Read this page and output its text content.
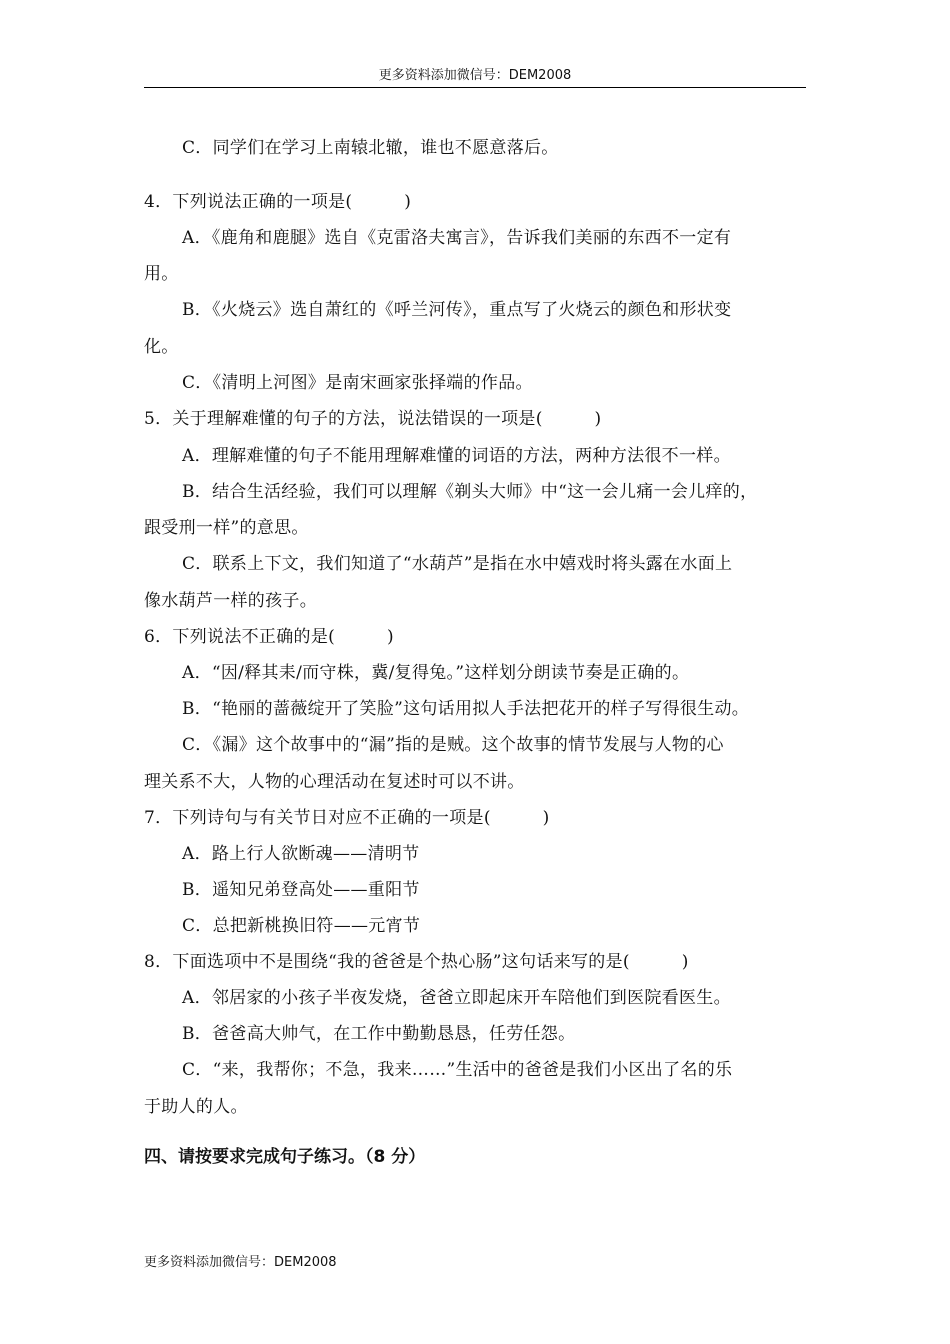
更多资料添加微信号：DEM2008
C．同学们在学习上南辕北辙，谁也不愿意落后。
4．下列说法正确的一项是(　　　)
A．《鹿角和鹿腿》选自《克雷洛夫寓言》，告诉我们美丽的东西不一定有
用。
B．《火烧云》选自萧红的《呼兰河传》，重点写了火烧云的颜色和形状变
化。
C．《清明上河图》是南宋画家张择端的作品。
5．关于理解难懂的句子的方法，说法错误的一项是(　　　)
A．理解难懂的句子不能用理解难懂的词语的方法，两种方法很不一样。
B．结合生活经验，我们可以理解《剃头大师》中“这一会儿痛一会儿痒的，
跟受刑一样”的意思。
C．联系上下文，我们知道了“水葫芦”是指在水中嬉戏时将头露在水面上
像水葫芦一样的孩子。
6．下列说法不正确的是(　　　)
A．“因/释其耒/而守株，冀/复得兔。”这样划分朗读节奏是正确的。
B．“艳丽的蔷薇绽开了笑脸”这句话用拟人手法把花开的样子写得很生动。
C．《漏》这个故事中的“漏”指的是贼。这个故事的情节发展与人物的心
理关系不大，人物的心理活动在复述时可以不讲。
7．下列诗句与有关节日对应不正确的一项是(　　　)
A．路上行人欲断魂——清明节
B．遥知兄弟登高处——重阳节
C．总把新桃换旧符——元宵节
8．下面选项中不是围绕“我的爸爸是个热心肠”这句话来写的是(　　　)
A．邻居家的小孩子半夜发烧，爸爸立即起床开车陪他们到医院看医生。
B．爸爸高大帅气，在工作中勤勤恳恳，任劳任怨。
C．“来，我帮你；不急，我来……”生活中的爸爸是我们小区出了名的乐
于助人的人。
四、请按要求完成句子练习。（8 分）
更多资料添加微信号：DEM2008
